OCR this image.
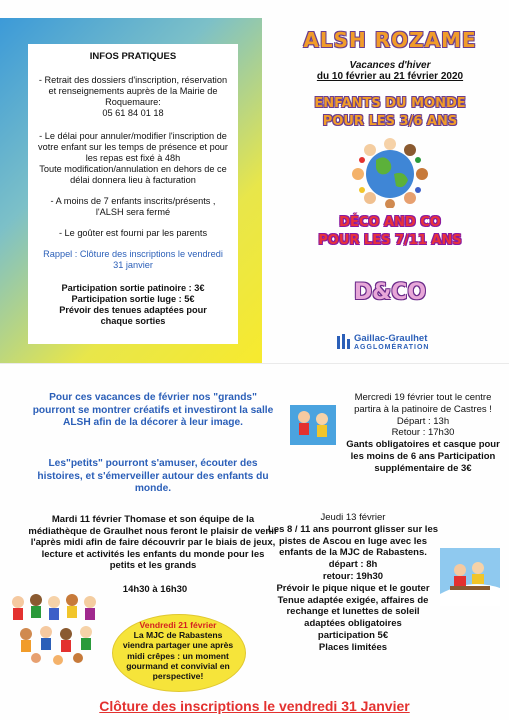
INFOS PRATIQUES
- Retrait des dossiers d'inscription, réservation et renseignements auprès de la Mairie de Roquemaure:
05 61 84 01 18
- Le délai pour annuler/modifier l'inscription de votre enfant sur les temps de présence et pour les repas est fixé à 48h
Toute modification/annulation en dehors de ce délai donnera lieu à facturation
- A moins de 7 enfants inscrits/présents , l'ALSH sera fermé
- Le goûter est fourni par les parents
Rappel : Clôture des inscriptions le vendredi 31 janvier
Participation sortie patinoire : 3€
Participation sortie luge : 5€
Prévoir des tenues adaptées pour chaque sorties
ALSH ROZAME
Vacances d'hiver
du 10 février au 21 février 2020
ENFANTS DU MONDE
POUR LES 3/6 ANS
DÉCO AND CO
POUR LES 7/11 ANS
D&CO
Gaillac-Graulhet
AGGLOMÉRATION
Pour ces vacances de février nos "grands" pourront se montrer créatifs et investiront la salle ALSH afin de la décorer à leur image.
Les"petits" pourront s'amuser, écouter des histoires, et s'émerveiller autour des enfants du monde.
Mardi 11 février Thomase et son équipe de la médiathèque de Graulhet nous feront le plaisir de venir l'après midi afin de faire découvrir par le biais de jeux, lecture et activités les enfants du monde pour les petits et les grands
14h30 à 16h30
Vendredi 21 février
La MJC de Rabastens viendra partager une après midi crêpes : un moment gourmand et convivial en perspective!
Mercredi 19 février tout le centre partira à la patinoire de Castres !
Départ : 13h
Retour : 17h30
Gants obligatoires et casque pour les moins de 6 ans Participation supplémentaire de 3€
Jeudi 13 février
Les 8 / 11 ans pourront glisser sur les pistes de Ascou en luge avec les enfants de la MJC de Rabastens.
départ : 8h
retour: 19h30
Prévoir le pique nique et le gouter
Tenue adaptée exigée, affaires de rechange et lunettes de soleil adaptées obligatoires
participation 5€
Places limitées
Clôture des inscriptions le vendredi 31 Janvier
